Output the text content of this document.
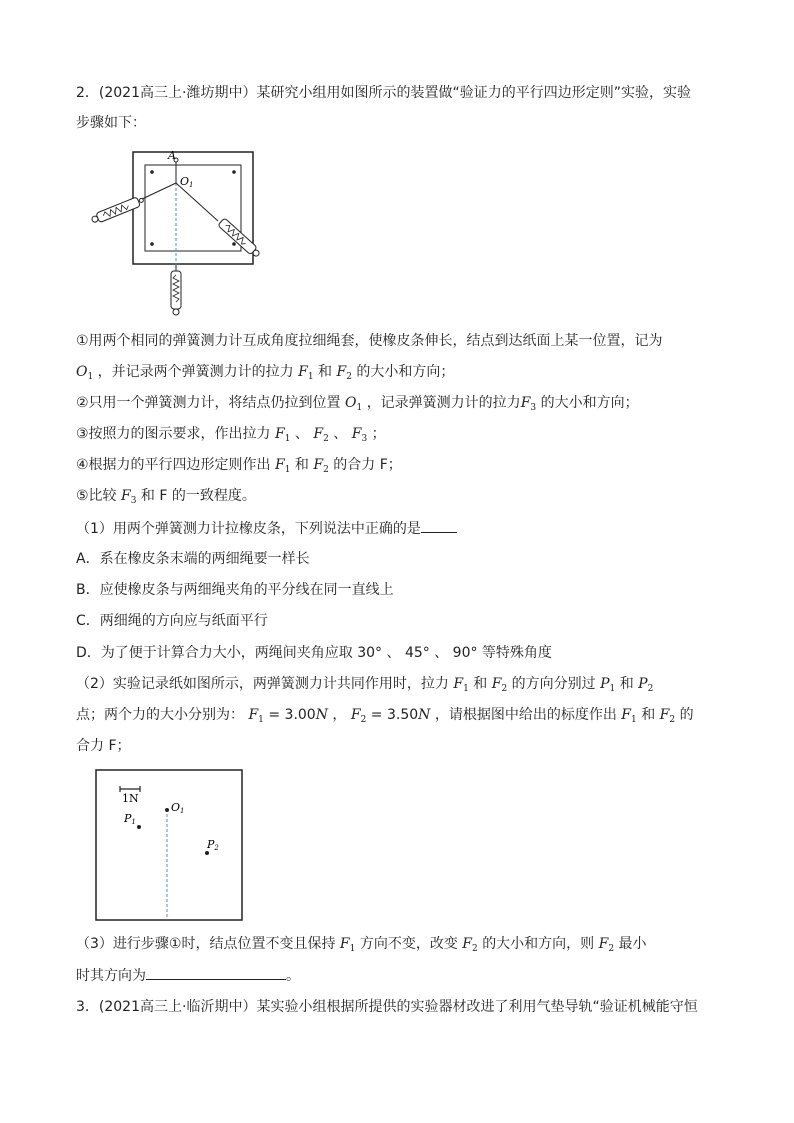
2．(2021高三上·潍坊期中）某研究小组用如图所示的装置做“验证力的平行四边形定则”实验，实验
步骤如下：
A
O1
①用两个相同的弹簧测力计互成角度拉细绳套，使橡皮条伸长，结点到达纸面上某一位置，记为
$O_1$ ，并记录两个弹簧测力计的拉力 $F_1$ 和 $F_2$ 的大小和方向；
②只用一个弹簧测力计，将结点仍拉到位置 $O_1$ ，记录弹簧测力计的拉力$F_3$ 的大小和方向；
③按照力的图示要求，作出拉力 $F_1$ 、 $F_2$ 、 $F_3$ ；
④根据力的平行四边形定则作出 $F_1$ 和 $F_2$ 的合力 F；
⑤比较 $F_3$ 和 F 的一致程度。
（1）用两个弹簧测力计拉橡皮条，下列说法中正确的是
A．系在橡皮条末端的两细绳要一样长
B．应使橡皮条与两细绳夹角的平分线在同一直线上
C．两细绳的方向应与纸面平行
D．为了便于计算合力大小，两绳间夹角应取 30° 、 45° 、 90° 等特殊角度
（2）实验记录纸如图所示，两弹簧测力计共同作用时，拉力 $F_1$ 和 $F_2$ 的方向分别过 $P_1$ 和 $P_2$
点；两个力的大小分别为： $F_1 = 3.00N$ ， $F_2 = 3.50N$ ，请根据图中给出的标度作出 $F_1$ 和 $F_2$ 的
合力 F；
1N
O1
P1
P2
（3）进行步骤①时，结点位置不变且保持 $F_1$ 方向不变，改变 $F_2$ 的大小和方向，则 $F_2$ 最小
时其方向为	。
3．(2021高三上·临沂期中）某实验小组根据所提供的实验器材改进了利用气垫导轨“验证机械能守恒
